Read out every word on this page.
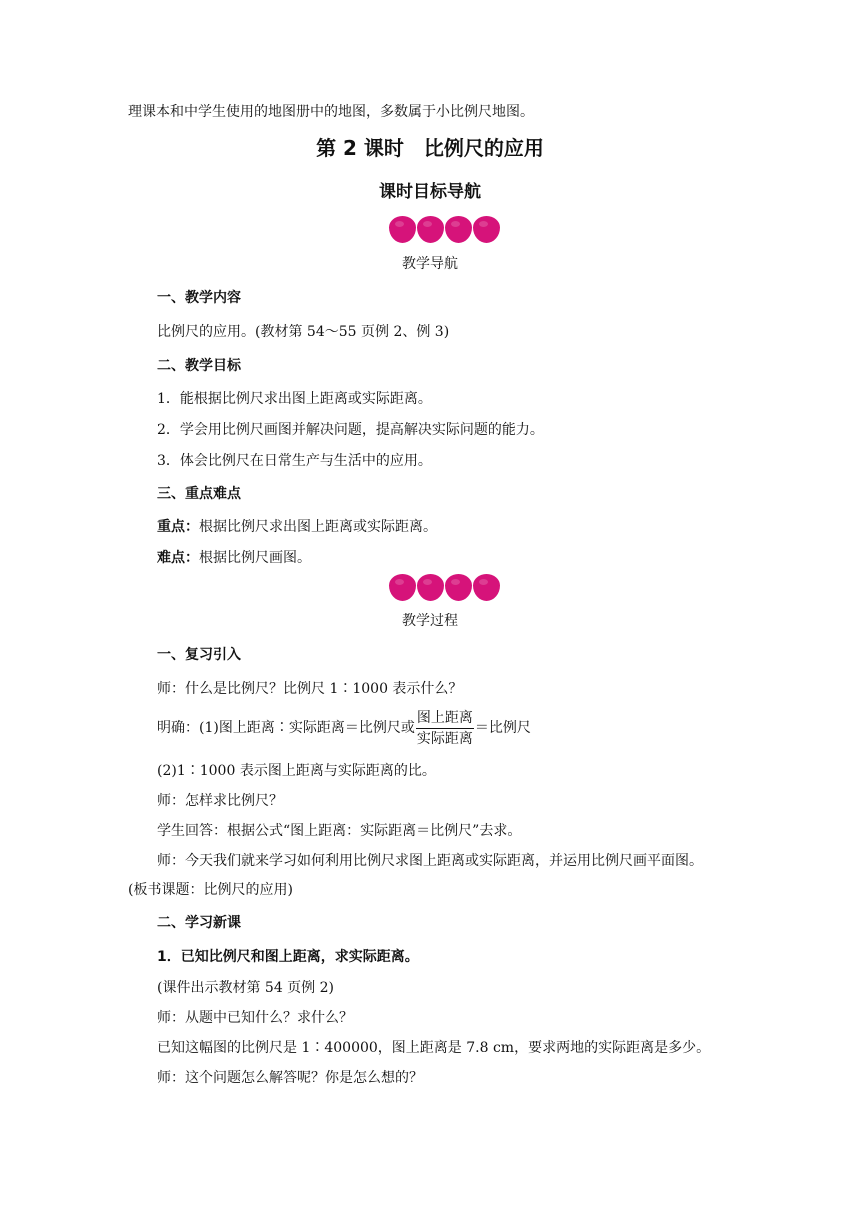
理课本和中学生使用的地图册中的地图，多数属于小比例尺地图。
第 2 课时　比例尺的应用
课时目标导航
教学导航
一、教学内容
比例尺的应用。(教材第 54～55 页例 2、例 3)
二、教学目标
1．能根据比例尺求出图上距离或实际距离。
2．学会用比例尺画图并解决问题，提高解决实际问题的能力。
3．体会比例尺在日常生产与生活中的应用。
三、重点难点
重点：根据比例尺求出图上距离或实际距离。
难点：根据比例尺画图。
教学过程
一、复习引入
师：什么是比例尺？比例尺 1∶1000 表示什么？
明确：(1)图上距离∶实际距离＝比例尺或 $\frac{\text{图上距离}}{\text{实际距离}}$ ＝比例尺
(2)1∶1000 表示图上距离与实际距离的比。
师：怎样求比例尺？
学生回答：根据公式“图上距离：实际距离＝比例尺”去求。
师：今天我们就来学习如何利用比例尺求图上距离或实际距离，并运用比例尺画平面图。
(板书课题：比例尺的应用)
二、学习新课
1．已知比例尺和图上距离，求实际距离。
(课件出示教材第 54 页例 2)
师：从题中已知什么？求什么？
已知这幅图的比例尺是 1∶400000，图上距离是 7.8 cm，要求两地的实际距离是多少。
师：这个问题怎么解答呢？你是怎么想的？
